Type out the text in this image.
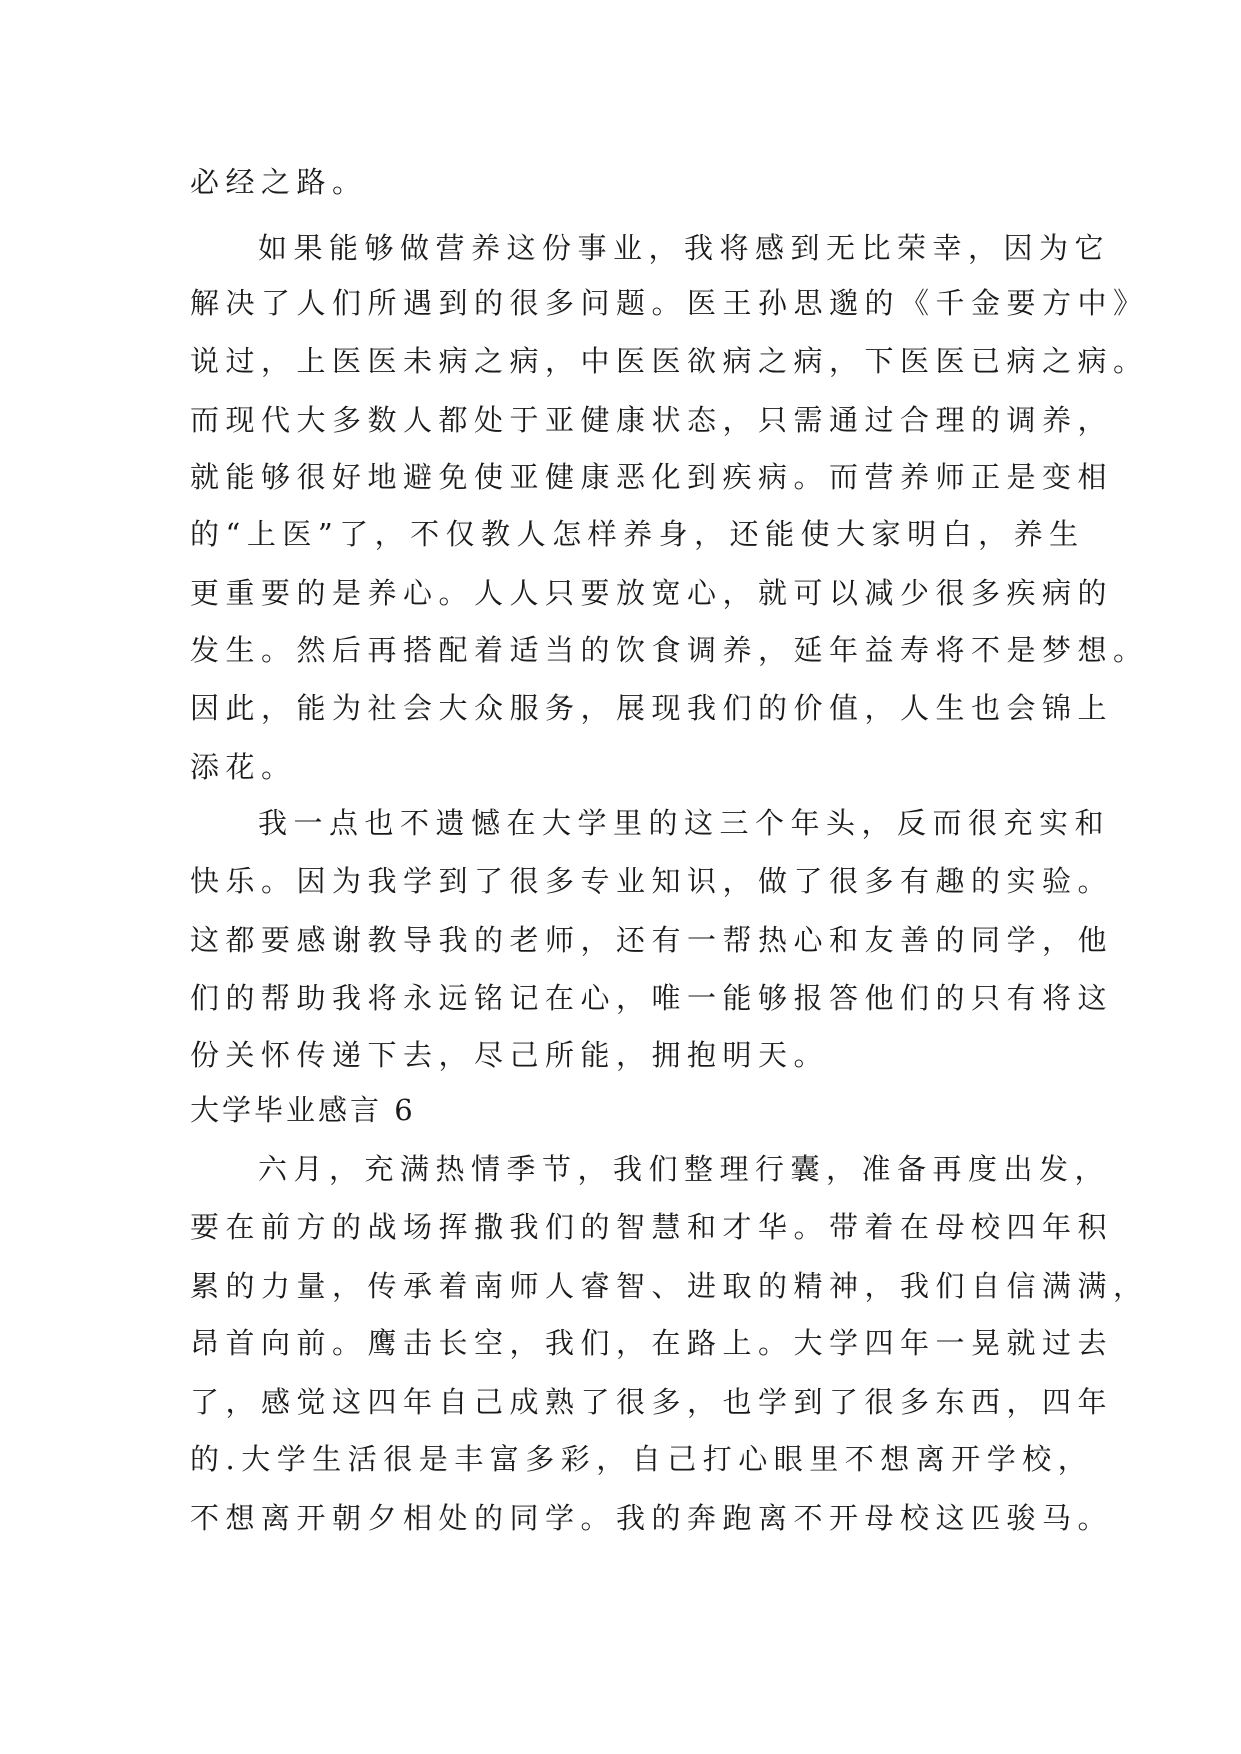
必经之路。
如果能够做营养这份事业，我将感到无比荣幸，因为它
解决了人们所遇到的很多问题。医王孙思邈的《千金要方中》
说过，上医医未病之病，中医医欲病之病，下医医已病之病。
而现代大多数人都处于亚健康状态，只需通过合理的调养，
就能够很好地避免使亚健康恶化到疾病。而营养师正是变相
的“上医”了，不仅教人怎样养身，还能使大家明白，养生
更重要的是养心。人人只要放宽心，就可以减少很多疾病的
发生。然后再搭配着适当的饮食调养，延年益寿将不是梦想。
因此，能为社会大众服务，展现我们的价值，人生也会锦上
添花。
我一点也不遗憾在大学里的这三个年头，反而很充实和
快乐。因为我学到了很多专业知识，做了很多有趣的实验。
这都要感谢教导我的老师，还有一帮热心和友善的同学，他
们的帮助我将永远铭记在心，唯一能够报答他们的只有将这
份关怀传递下去，尽己所能，拥抱明天。
大学毕业感言 6
六月，充满热情季节，我们整理行囊，准备再度出发，
要在前方的战场挥撒我们的智慧和才华。带着在母校四年积
累的力量，传承着南师人睿智、进取的精神，我们自信满满，
昂首向前。鹰击长空，我们，在路上。大学四年一晃就过去
了，感觉这四年自己成熟了很多，也学到了很多东西，四年
的.大学生活很是丰富多彩，自己打心眼里不想离开学校，
不想离开朝夕相处的同学。我的奔跑离不开母校这匹骏马。
